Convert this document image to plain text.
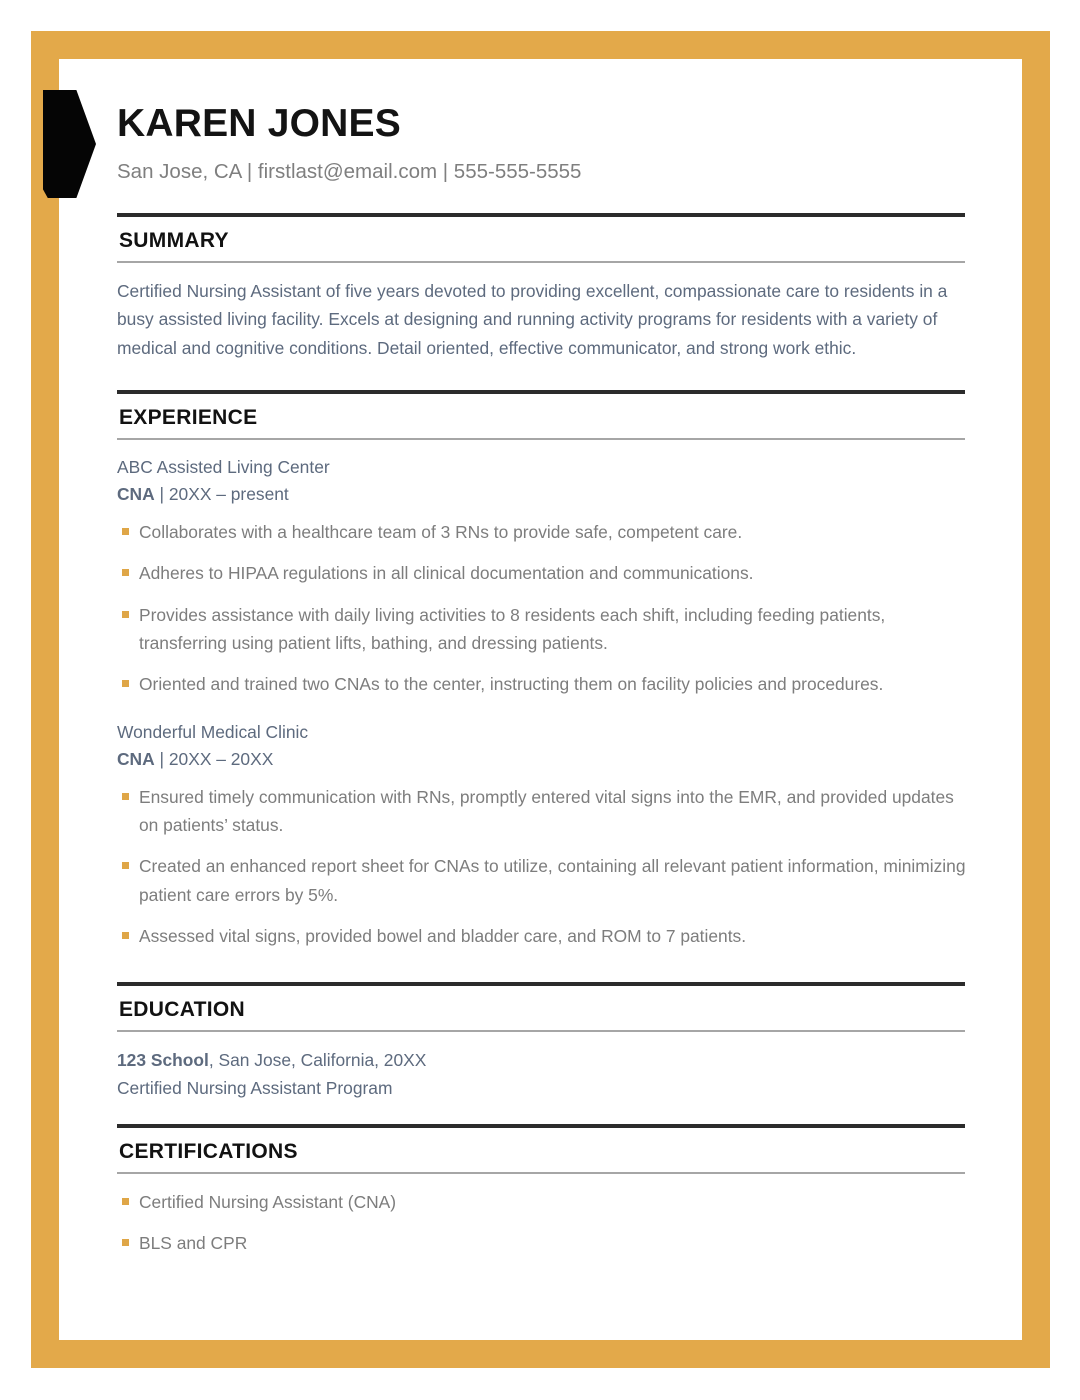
KAREN JONES
San Jose, CA | firstlast@email.com | 555-555-5555
SUMMARY
Certified Nursing Assistant of five years devoted to providing excellent, compassionate care to residents in a busy assisted living facility. Excels at designing and running activity programs for residents with a variety of medical and cognitive conditions. Detail oriented, effective communicator, and strong work ethic.
EXPERIENCE
ABC Assisted Living Center
CNA | 20XX – present
Collaborates with a healthcare team of 3 RNs to provide safe, competent care.
Adheres to HIPAA regulations in all clinical documentation and communications.
Provides assistance with daily living activities to 8 residents each shift, including feeding patients, transferring using patient lifts, bathing, and dressing patients.
Oriented and trained two CNAs to the center, instructing them on facility policies and procedures.
Wonderful Medical Clinic
CNA | 20XX – 20XX
Ensured timely communication with RNs, promptly entered vital signs into the EMR, and provided updates on patients’ status.
Created an enhanced report sheet for CNAs to utilize, containing all relevant patient information, minimizing patient care errors by 5%.
Assessed vital signs, provided bowel and bladder care, and ROM to 7 patients.
EDUCATION
123 School, San Jose, California, 20XX
Certified Nursing Assistant Program
CERTIFICATIONS
Certified Nursing Assistant (CNA)
BLS and CPR
